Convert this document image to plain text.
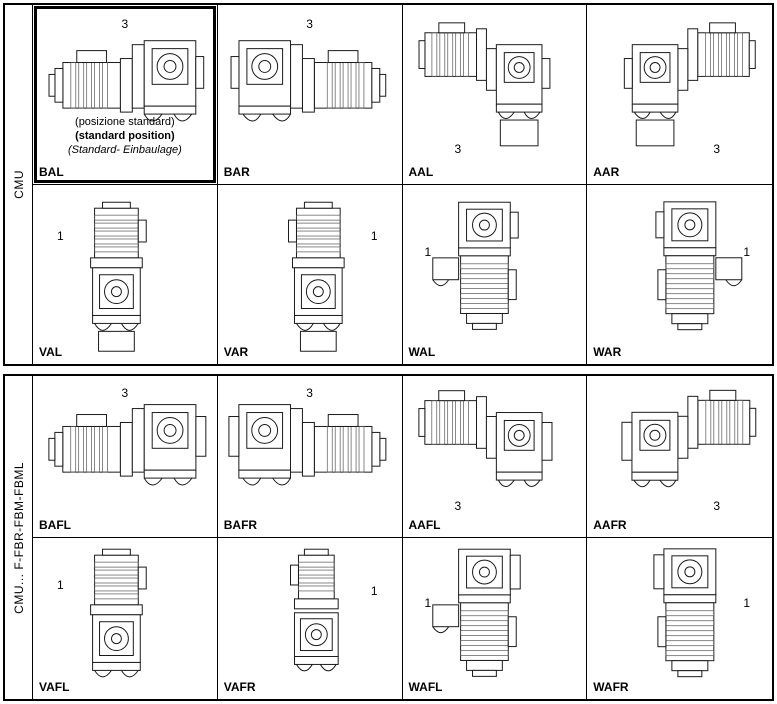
CMU
3
(posizione standard)
(standard position)
(Standard- Einbaulage)
BAL
3
BAR
3
AAL
3
AAR
1
VAL
1
VAR
1
WAL
1
WAR
CMU... F-FBR-FBM-FBML
3
BAFL
3
BAFR
3
AAFL
3
AAFR
1
VAFL
1
VAFR
1
WAFL
1
WAFR
